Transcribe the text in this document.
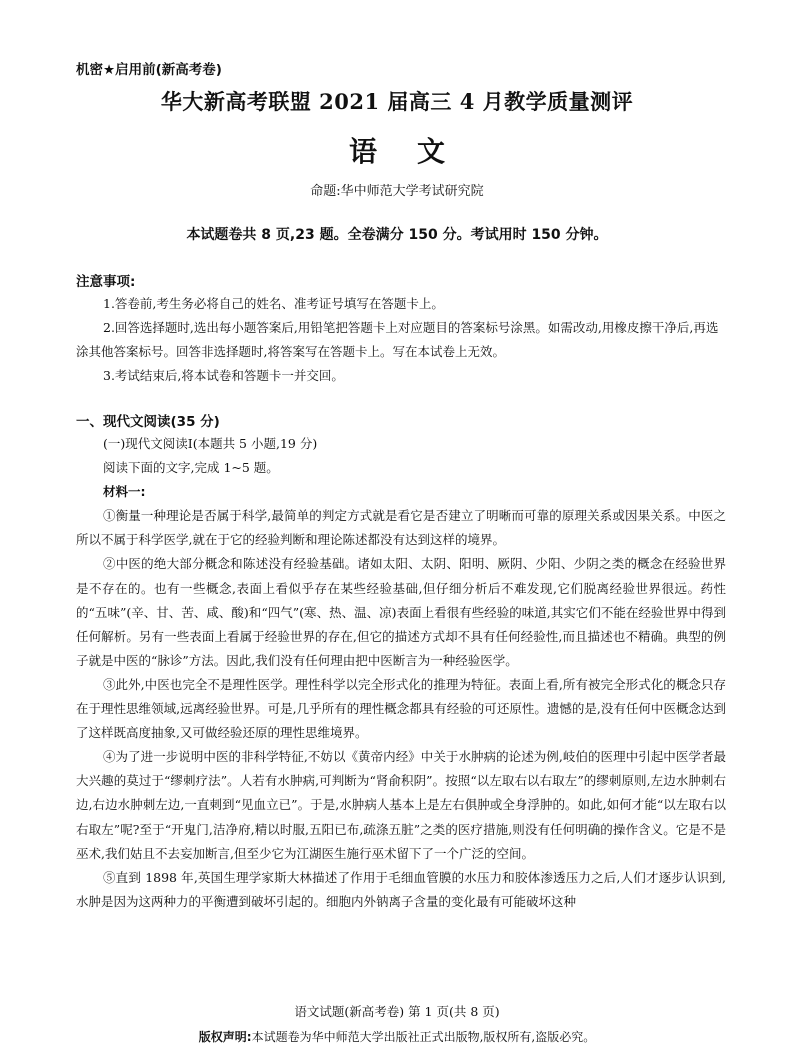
机密★启用前(新高考卷)
华大新高考联盟 2021 届高三 4 月教学质量测评
语 文
命题:华中师范大学考试研究院
本试题卷共 8 页,23 题。全卷满分 150 分。考试用时 150 分钟。
注意事项:

1.答卷前,考生务必将自己的姓名、准考证号填写在答题卡上。

2.回答选择题时,选出每小题答案后,用铅笔把答题卡上对应题目的答案标号涂黑。如需改动,用橡皮擦干净后,再选涂其他答案标号。回答非选择题时,将答案写在答题卡上。写在本试卷上无效。

3.考试结束后,将本试卷和答题卡一并交回。

一、现代文阅读(35 分)

(一)现代文阅读Ⅰ(本题共 5 小题,19 分)

阅读下面的文字,完成 1~5 题。

材料一:

①衡量一种理论是否属于科学,最简单的判定方式就是看它是否建立了明晰而可靠的原理关系或因果关系。中医之所以不属于科学医学,就在于它的经验判断和理论陈述都没有达到这样的境界。

②中医的绝大部分概念和陈述没有经验基础。诸如太阳、太阴、阳明、厥阴、少阳、少阴之类的概念在经验世界是不存在的。也有一些概念,表面上看似乎存在某些经验基础,但仔细分析后不难发现,它们脱离经验世界很远。药性的“五味”(辛、甘、苦、咸、酸)和“四气”(寒、热、温、凉)表面上看很有些经验的味道,其实它们不能在经验世界中得到任何解析。另有一些表面上看属于经验世界的存在,但它的描述方式却不具有任何经验性,而且描述也不精确。典型的例子就是中医的“脉诊”方法。因此,我们没有任何理由把中医断言为一种经验医学。

③此外,中医也完全不是理性医学。理性科学以完全形式化的推理为特征。表面上看,所有被完全形式化的概念只存在于理性思维领域,远离经验世界。可是,几乎所有的理性概念都具有经验的可还原性。遗憾的是,没有任何中医概念达到了这样既高度抽象,又可做经验还原的理性思维境界。

④为了进一步说明中医的非科学特征,不妨以《黄帝内经》中关于水肿病的论述为例,岐伯的医理中引起中医学者最大兴趣的莫过于“缪刺疗法”。人若有水肿病,可判断为“肾俞积阴”。按照“以左取右以右取左”的缪刺原则,左边水肿刺右边,右边水肿刺左边,一直刺到“见血立已”。于是,水肿病人基本上是左右俱肿或全身浮肿的。如此,如何才能“以左取右以右取左”呢?至于“开鬼门,洁净府,精以时服,五阳已布,疏涤五脏”之类的医疗措施,则没有任何明确的操作含义。它是不是巫术,我们姑且不去妄加断言,但至少它为江湖医生施行巫术留下了一个广泛的空间。

⑤直到 1898 年,英国生理学家斯大林描述了作用于毛细血管膜的水压力和胶体渗透压力之后,人们才逐步认识到,水肿是因为这两种力的平衡遭到破坏引起的。细胞内外钠离子含量的变化最有可能破坏这种

语文试题(新高考卷) 第 1 页(共 8 页)
版权声明:本试题卷为华中师范大学出版社正式出版物,版权所有,盗版必究。
